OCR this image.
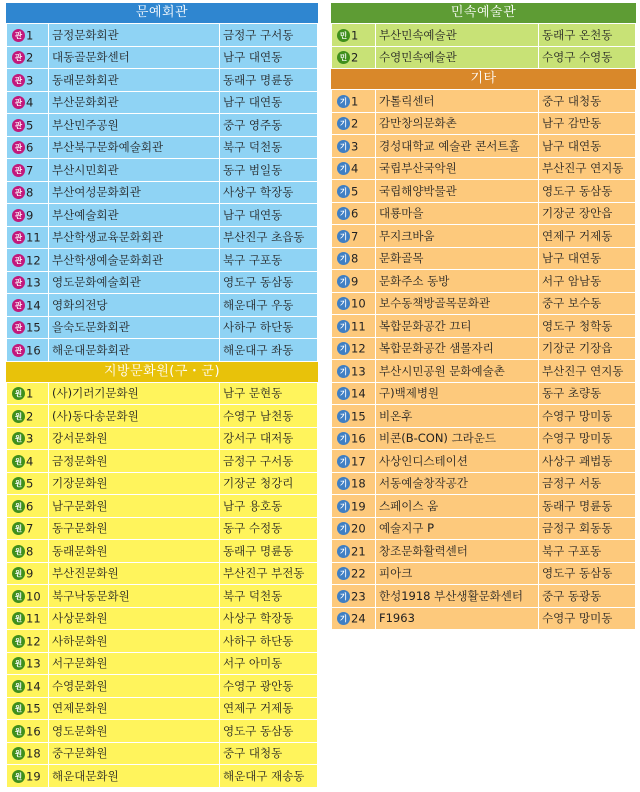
문예회관
관 1	금정문화회관	금정구 구서동
관 2	대동골문화센터	남구 대연동
관 3	동래문화회관	동래구 명륜동
관 4	부산문화회관	남구 대연동
관 5	부산민주공원	중구 영주동
관 6	부산북구문화예술회관	북구 덕천동
관 7	부산시민회관	동구 범일동
관 8	부산여성문화회관	사상구 학장동
관 9	부산예술회관	남구 대연동
관 11	부산학생교육문화회관	부산진구 초읍동
관 12	부산학생예술문화회관	북구 구포동
관 13	영도문화예술회관	영도구 동삼동
관 14	영화의전당	해운대구 우동
관 15	을숙도문화회관	사하구 하단동
관 16	해운대문화회관	해운대구 좌동
지방문화원(구・군)
원 1	(사)기러기문화원	남구 문현동
원 2	(사)동다송문화원	수영구 남천동
원 3	강서문화원	강서구 대저동
원 4	금정문화원	금정구 구서동
원 5	기장문화원	기장군 청강리
원 6	남구문화원	남구 용호동
원 7	동구문화원	동구 수정동
원 8	동래문화원	동래구 명륜동
원 9	부산진문화원	부산진구 부전동
원 10	북구낙동문화원	북구 덕천동
원 11	사상문화원	사상구 학장동
원 12	사하문화원	사하구 하단동
원 13	서구문화원	서구 아미동
원 14	수영문화원	수영구 광안동
원 15	연제문화원	연제구 거제동
원 16	영도문화원	영도구 동삼동
원 18	중구문화원	중구 대청동
원 19	해운대문화원	해운대구 재송동
민속예술관
민 1	부산민속예술관	동래구 온천동
민 2	수영민속예술관	수영구 수영동
기타
기 1	가톨릭센터	중구 대청동
기 2	감만창의문화촌	남구 감만동
기 3	경성대학교 예술관 콘서트홀	남구 대연동
기 4	국립부산국악원	부산진구 연지동
기 5	국립해양박물관	영도구 동삼동
기 6	대룡마을	기장군 장안읍
기 7	무지크바움	연제구 거제동
기 8	문화골목	남구 대연동
기 9	문화주소 동방	서구 암남동
기 10	보수동책방골목문화관	중구 보수동
기 11	복합문화공간 끄티	영도구 청학동
기 12	복합문화공간 샘몰자리	기장군 기장읍
기 13	부산시민공원 문화예술촌	부산진구 연지동
기 14	구)백제병원	동구 초량동
기 15	비온후	수영구 망미동
기 16	비콘(B-CON) 그라운드	수영구 망미동
기 17	사상인디스테이션	사상구 괘법동
기 18	서동예술창작공간	금정구 서동
기 19	스페이스 움	동래구 명륜동
기 20	예술지구 P	금정구 회동동
기 21	창조문화활력센터	북구 구포동
기 22	피아크	영도구 동삼동
기 23	한성1918 부산생활문화센터	중구 동광동
기 24	F1963	수영구 망미동
